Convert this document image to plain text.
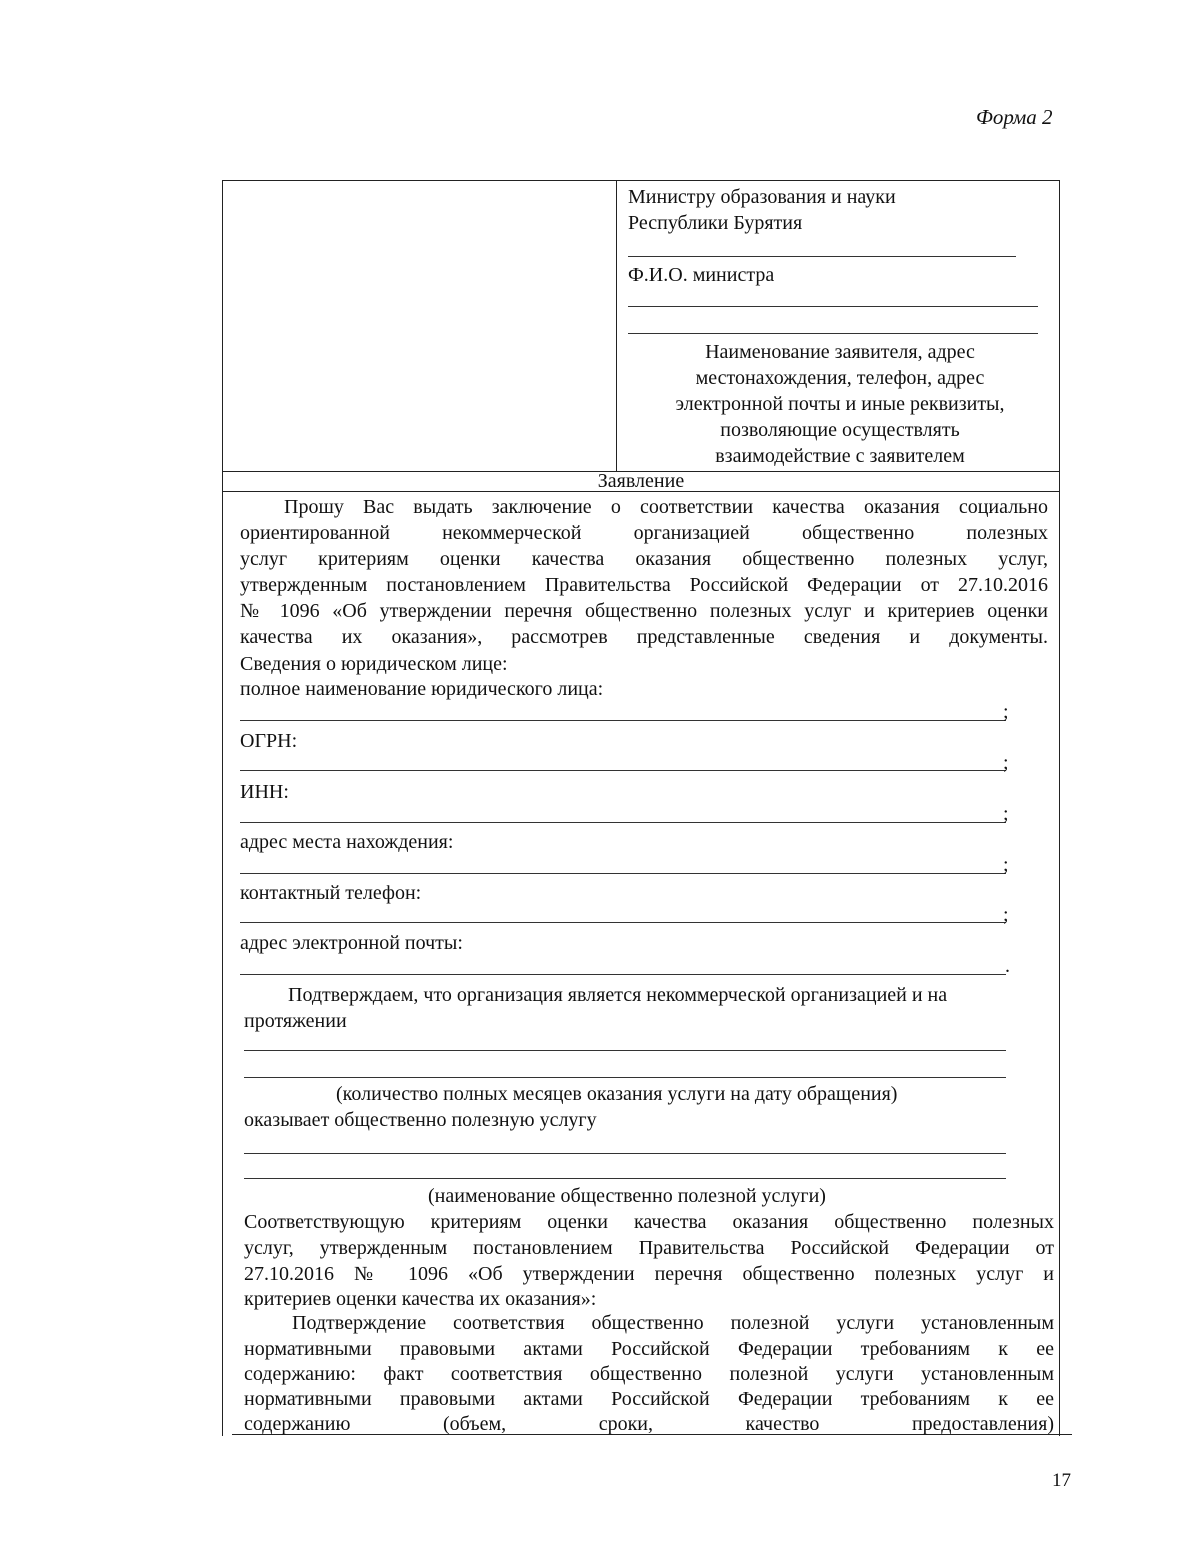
Форма 2
Министру образования и науки
Республики Бурятия
Ф.И.О. министра
Наименование заявителя, адрес
местонахождения, телефон, адрес
электронной почты и иные реквизиты,
позволяющие осуществлять
взаимодействие с заявителем
Заявление
Прошу Вас выдать заключение о соответствии качества оказания социально
ориентированной некоммерческой организацией общественно полезных
услуг критериям оценки качества оказания общественно полезных услуг,
утвержденным постановлением Правительства Российской Федерации от 27.10.2016
№ 1096 «Об утверждении перечня общественно полезных услуг и критериев оценки
качества их оказания», рассмотрев представленные сведения и документы.
Сведения о юридическом лице:
полное наименование юридического лица:
;
ОГРН:
;
ИНН:
;
адрес места нахождения:
;
контактный телефон:
;
адрес электронной почты:
.
Подтверждаем, что организация является некоммерческой организацией и на
протяжении
(количество полных месяцев оказания услуги на дату обращения)
оказывает общественно полезную услугу
(наименование общественно полезной услуги)
Соответствующую критериям оценки качества оказания общественно полезных
услуг, утвержденным постановлением Правительства Российской Федерации от
27.10.2016 № 1096 «Об утверждении перечня общественно полезных услуг и
критериев оценки качества их оказания»:
Подтверждение соответствия общественно полезной услуги установленным
нормативными правовыми актами Российской Федерации требованиям к ее
содержанию: факт соответствия общественно полезной услуги установленным
нормативными правовыми актами Российской Федерации требованиям к ее
содержанию (объем, сроки, качество предоставления)
17
